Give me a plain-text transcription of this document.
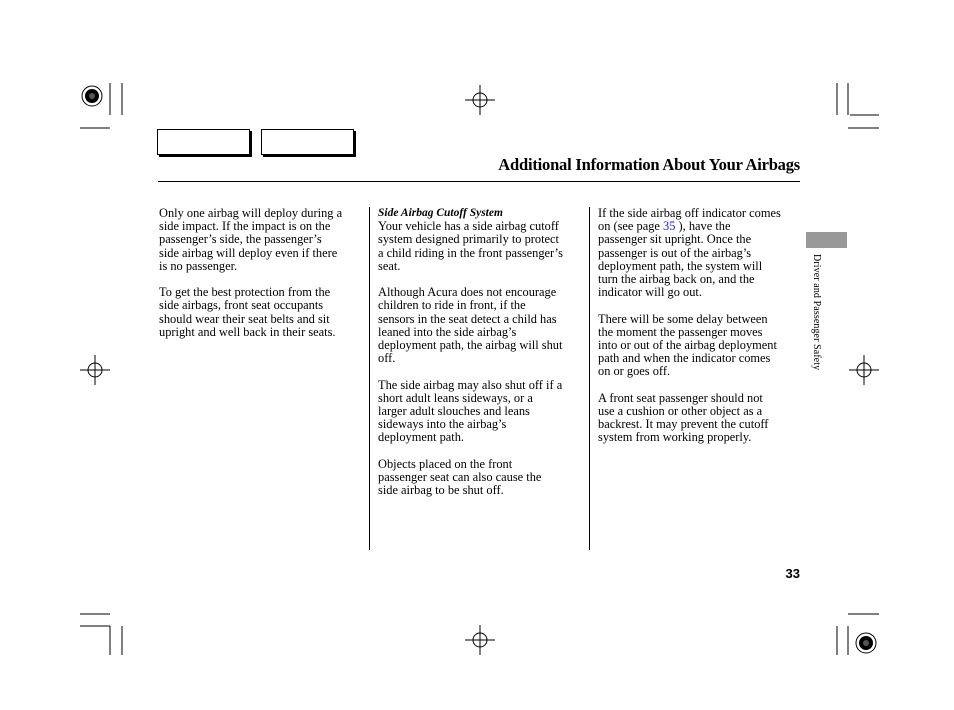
Additional Information About Your Airbags

Only one airbag will deploy during a
side impact. If the impact is on the
passenger’s side, the passenger’s
side airbag will deploy even if there
is no passenger.

To get the best protection from the
side airbags, front seat occupants
should wear their seat belts and sit
upright and well back in their seats.

Side Airbag Cutoff System

Your vehicle has a side airbag cutoff
system designed primarily to protect
a child riding in the front passenger’s
seat.

Although Acura does not encourage
children to ride in front, if the
sensors in the seat detect a child has
leaned into the side airbag’s
deployment path, the airbag will shut
off.

The side airbag may also shut off if a
short adult leans sideways, or a
larger adult slouches and leans
sideways into the airbag’s
deployment path.

Objects placed on the front
passenger seat can also cause the
side airbag to be shut off.

If the side airbag off indicator comes
on (see page 35 ), have the
passenger sit upright. Once the
passenger is out of the airbag’s
deployment path, the system will
turn the airbag back on, and the
indicator will go out.

There will be some delay between
the moment the passenger moves
into or out of the airbag deployment
path and when the indicator comes
on or goes off.

A front seat passenger should not
use a cushion or other object as a
backrest. It may prevent the cutoff
system from working properly.

Driver and Passenger Safety
33
